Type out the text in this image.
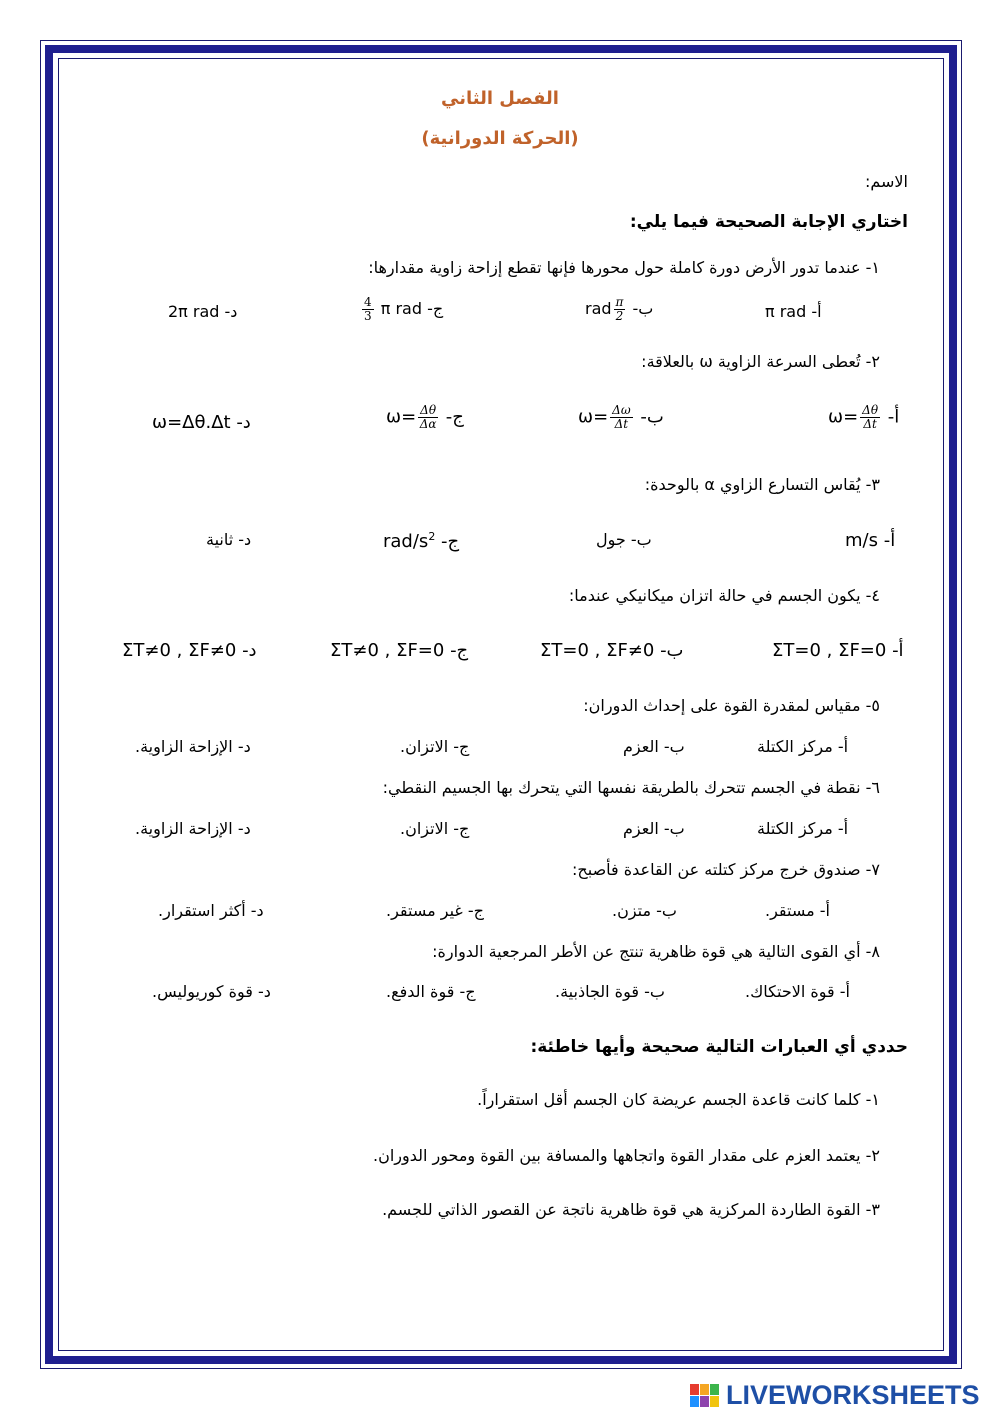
الفصل الثاني
(الحركة الدورانية)
الاسم:
اختاري الإجابة الصحيحة فيما يلي:
١- عندما تدور الأرض دورة كاملة حول محورها فإنها تقطع إزاحة زاوية مقدارها:
أ- π rad
ب- rad $\frac{\pi}{2}$
ج-
$\frac{4}{3}$ π rad
د- 2π rad
٢- تُعطى السرعة الزاوية ω بالعلاقة:
أ- $\omega= \frac{\Delta\theta}{\Delta t}$
ب- $\omega= \frac{\Delta\omega}{\Delta t}$
ج- $\omega= \frac{\Delta\theta}{\Delta\alpha}$
د- ω=Δθ.Δt
٣- يُقاس التسارع الزاوي α بالوحدة:
أ- m/s
ب- جول
ج- rad/$s^2$
د- ثانية
٤- يكون الجسم في حالة اتزان ميكانيكي عندما:
أ- ΣT=0 , ΣF=0
ب- ΣT=0 , ΣF≠0
ج- ΣT≠0 , ΣF=0
د- ΣT≠0 , ΣF≠0
٥- مقياس لمقدرة القوة على إحداث الدوران:
أ- مركز الكتلة
ب- العزم
ج- الاتزان.
د- الإزاحة الزاوية.
٦- نقطة في الجسم تتحرك بالطريقة نفسها التي يتحرك بها الجسيم النقطي:
أ- مركز الكتلة
ب- العزم
ج- الاتزان.
د- الإزاحة الزاوية.
٧- صندوق خرج مركز كتلته عن القاعدة فأصبح:
أ- مستقر.
ب- متزن.
ج- غير مستقر.
د- أكثر استقرار.
٨- أي القوى التالية هي قوة ظاهرية تنتج عن الأطر المرجعية الدوارة:
أ- قوة الاحتكاك.
ب- قوة الجاذبية.
ج- قوة الدفع.
د- قوة كوريوليس.
حددي أي العبارات التالية صحيحة وأيها خاطئة:
١- كلما كانت قاعدة الجسم عريضة كان الجسم أقل استقراراً.
٢- يعتمد العزم على مقدار القوة واتجاهها والمسافة بين القوة ومحور الدوران.
٣- القوة الطاردة المركزية هي قوة ظاهرية ناتجة عن القصور الذاتي للجسم.
LIVEWORKSHEETS
